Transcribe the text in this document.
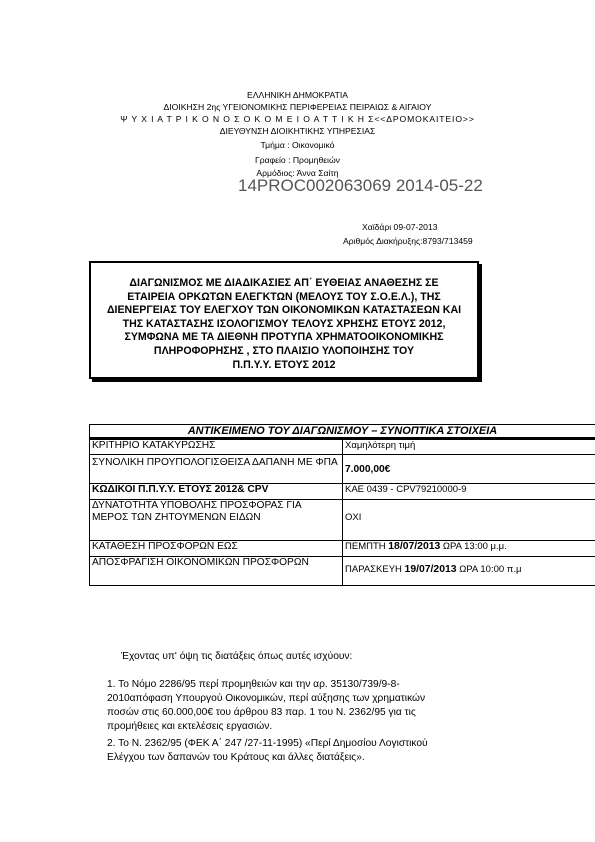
ΕΛΛΗΝΙΚΗ ΔΗΜΟΚΡΑΤΙΑ
ΔΙΟΙΚΗΣΗ 2ης ΥΓΕΙΟΝΟΜΙΚΗΣ ΠΕΡΙΦΕΡΕΙΑΣ ΠΕΙΡΑΙΩΣ & ΑΙΓΑΙΟΥ
Ψ Υ Χ Ι Α Τ Ρ Ι Κ Ο Ν Ο Σ Ο Κ Ο Μ Ε Ι Ο Α Τ Τ Ι Κ Η Σ<<ΔΡΟΜΟΚΑΙΤΕΙΟ>>
ΔΙΕΥΘΥΝΣΗ ΔΙΟΙΚΗΤΙΚΗΣ ΥΠΗΡΕΣΙΑΣ
Τμήμα : Οικονομικό
Γραφείο : Προμηθειών
Αρμόδιος: Άννα Σαίτη
14PROC002063069 2014-05-22
Χαϊδάρι 09-07-2013
Αριθμός Διακήρυξης:8793/713459
ΔΙΑΓΩΝΙΣΜΟΣ ΜΕ ΔΙΑΔΙΚΑΣΙΕΣ ΑΠ΄ ΕΥΘΕΙΑΣ ΑΝΑΘΕΣΗΣ ΣΕ
ΕΤΑΙΡΕΙΑ ΟΡΚΩΤΩΝ ΕΛΕΓΚΤΩΝ (ΜΕΛΟΥΣ ΤΟΥ Σ.Ο.Ε.Λ.), ΤΗΣ
ΔΙΕΝΕΡΓΕΙΑΣ ΤΟΥ ΕΛΕΓΧΟΥ ΤΩΝ ΟΙΚΟΝΟΜΙΚΩΝ ΚΑΤΑΣΤΑΣΕΩΝ ΚΑΙ
ΤΗΣ ΚΑΤΑΣΤΑΣΗΣ ΙΣΟΛΟΓΙΣΜΟΥ ΤΕΛΟΥΣ ΧΡΗΣΗΣ ΕΤΟΥΣ 2012,
ΣΥΜΦΩΝΑ ΜΕ ΤΑ ΔΙΕΘΝΗ ΠΡΟΤΥΠΑ ΧΡΗΜΑΤΟΟΙΚΟΝΟΜΙΚΗΣ
ΠΛΗΡΟΦΟΡΗΣΗΣ , ΣΤΟ ΠΛΑΙΣΙΟ ΥΛΟΠΟΙΗΣΗΣ ΤΟΥ
Π.Π.Υ.Υ. ΕΤΟΥΣ 2012
ΑΝΤΙΚΕΙΜΕΝΟ ΤΟΥ ΔΙΑΓΩΝΙΣΜΟΥ – ΣΥΝΟΠΤΙΚΑ ΣΤΟΙΧΕΙΑ	
ΚΡΙΤΗΡΙΟ ΚΑΤΑΚΥΡΩΣΗΣ	Χαμηλότερη τιμή
ΣΥΝΟΛΙΚΗ ΠΡΟΥΠΟΛΟΓΙΣΘΕΙΣΑ ΔΑΠΑΝΗ ΜΕ ΦΠΑ	7.000,00€
ΚΩΔΙΚΟΙ Π.Π.Υ.Υ. ΕΤΟΥΣ 2012& CPV	ΚΑΕ 0439 - CPV79210000-9
ΔΥΝΑΤΟΤΗΤΑ ΥΠΟΒΟΛΗΣ ΠΡΟΣΦΟΡΑΣ ΓΙΑ ΜΕΡΟΣ ΤΩΝ ΖΗΤΟΥΜΕΝΩΝ ΕΙΔΩΝ	ΟΧΙ
ΚΑΤΑΘΕΣΗ ΠΡΟΣΦΟΡΩΝ ΕΩΣ	ΠΕΜΠΤΗ 18/07/2013 ΩΡΑ 13:00 μ.μ.
ΑΠΟΣΦΡΑΓΙΣΗ ΟΙΚΟΝΟΜΙΚΩΝ ΠΡΟΣΦΟΡΩΝ	ΠΑΡΑΣΚΕΥΗ 19/07/2013 ΩΡΑ 10:00 π.μ
Έχοντας υπ' όψη τις διατάξεις όπως αυτές ισχύουν:
1. Το Νόμο 2286/95 περί προμηθειών και την αρ. 35130/739/9-8-
2010απόφαση Υπουργού Οικονομικών, περί αύξησης των χρηματικών
ποσών στις 60.000,00€ του άρθρου 83 παρ. 1 του Ν. 2362/95 για τις
προμήθειες και εκτελέσεις εργασιών.
2. Το Ν. 2362/95 (ΦΕΚ Α΄ 247 /27-11-1995) «Περί Δημοσίου Λογιστικού
Ελέγχου των δαπανών του Κράτους και άλλες διατάξεις».
